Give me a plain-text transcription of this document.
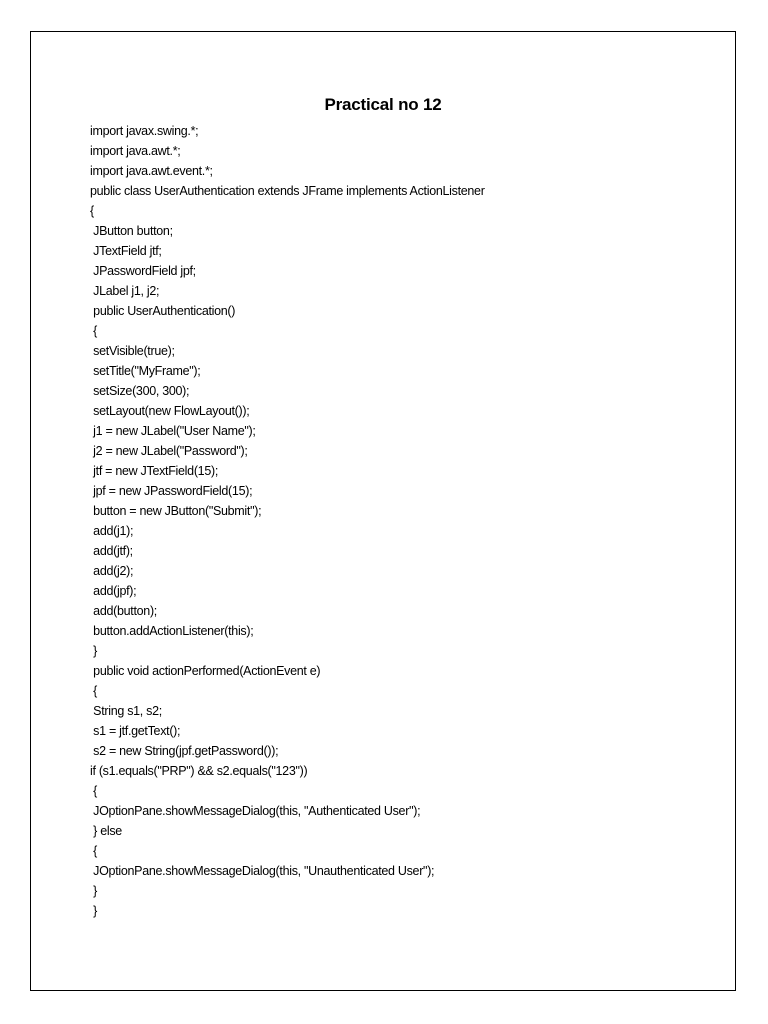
Practical no 12
import javax.swing.*;
import java.awt.*;
import java.awt.event.*;
public class UserAuthentication extends JFrame implements ActionListener
{
JButton button;
JTextField jtf;
JPasswordField jpf;
JLabel j1, j2;
public UserAuthentication()
{
setVisible(true);
setTitle("MyFrame");
setSize(300, 300);
setLayout(new FlowLayout());
j1 = new JLabel("User Name");
j2 = new JLabel("Password");
jtf = new JTextField(15);
jpf = new JPasswordField(15);
button = new JButton("Submit");
add(j1);
add(jtf);
add(j2);
add(jpf);
add(button);
button.addActionListener(this);
}
public void actionPerformed(ActionEvent e)
{
String s1, s2;
s1 = jtf.getText();
s2 = new String(jpf.getPassword());
if (s1.equals("PRP") && s2.equals("123"))
{
JOptionPane.showMessageDialog(this, "Authenticated User");
} else
{
JOptionPane.showMessageDialog(this, "Unauthenticated User");
}
}
